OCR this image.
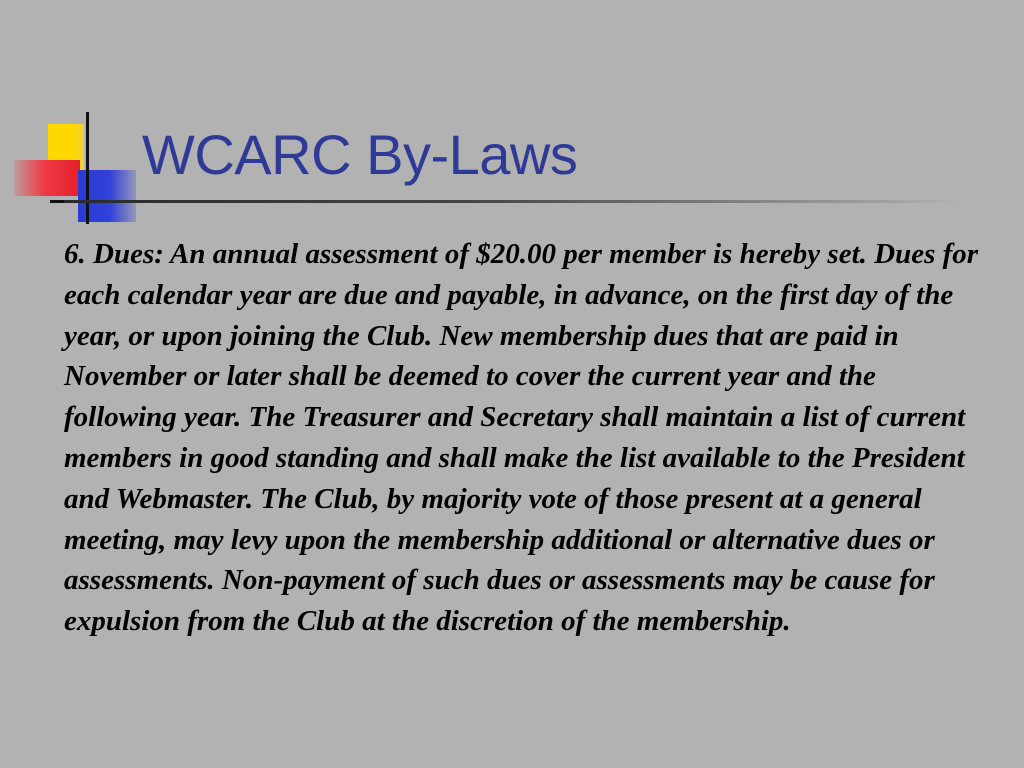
WCARC By-Laws

6. Dues: An annual assessment of $20.00 per member is hereby set. Dues for each calendar year are due and payable, in advance, on the first day of the year, or upon joining the Club. New membership dues that are paid in November or later shall be deemed to cover the current year and the following year. The Treasurer and Secretary shall maintain a list of current members in good standing and shall make the list available to the President and Webmaster. The Club, by majority vote of those present at a general meeting, may levy upon the membership additional or alternative dues or assessments. Non-payment of such dues or assessments may be cause for expulsion from the Club at the discretion of the membership.
